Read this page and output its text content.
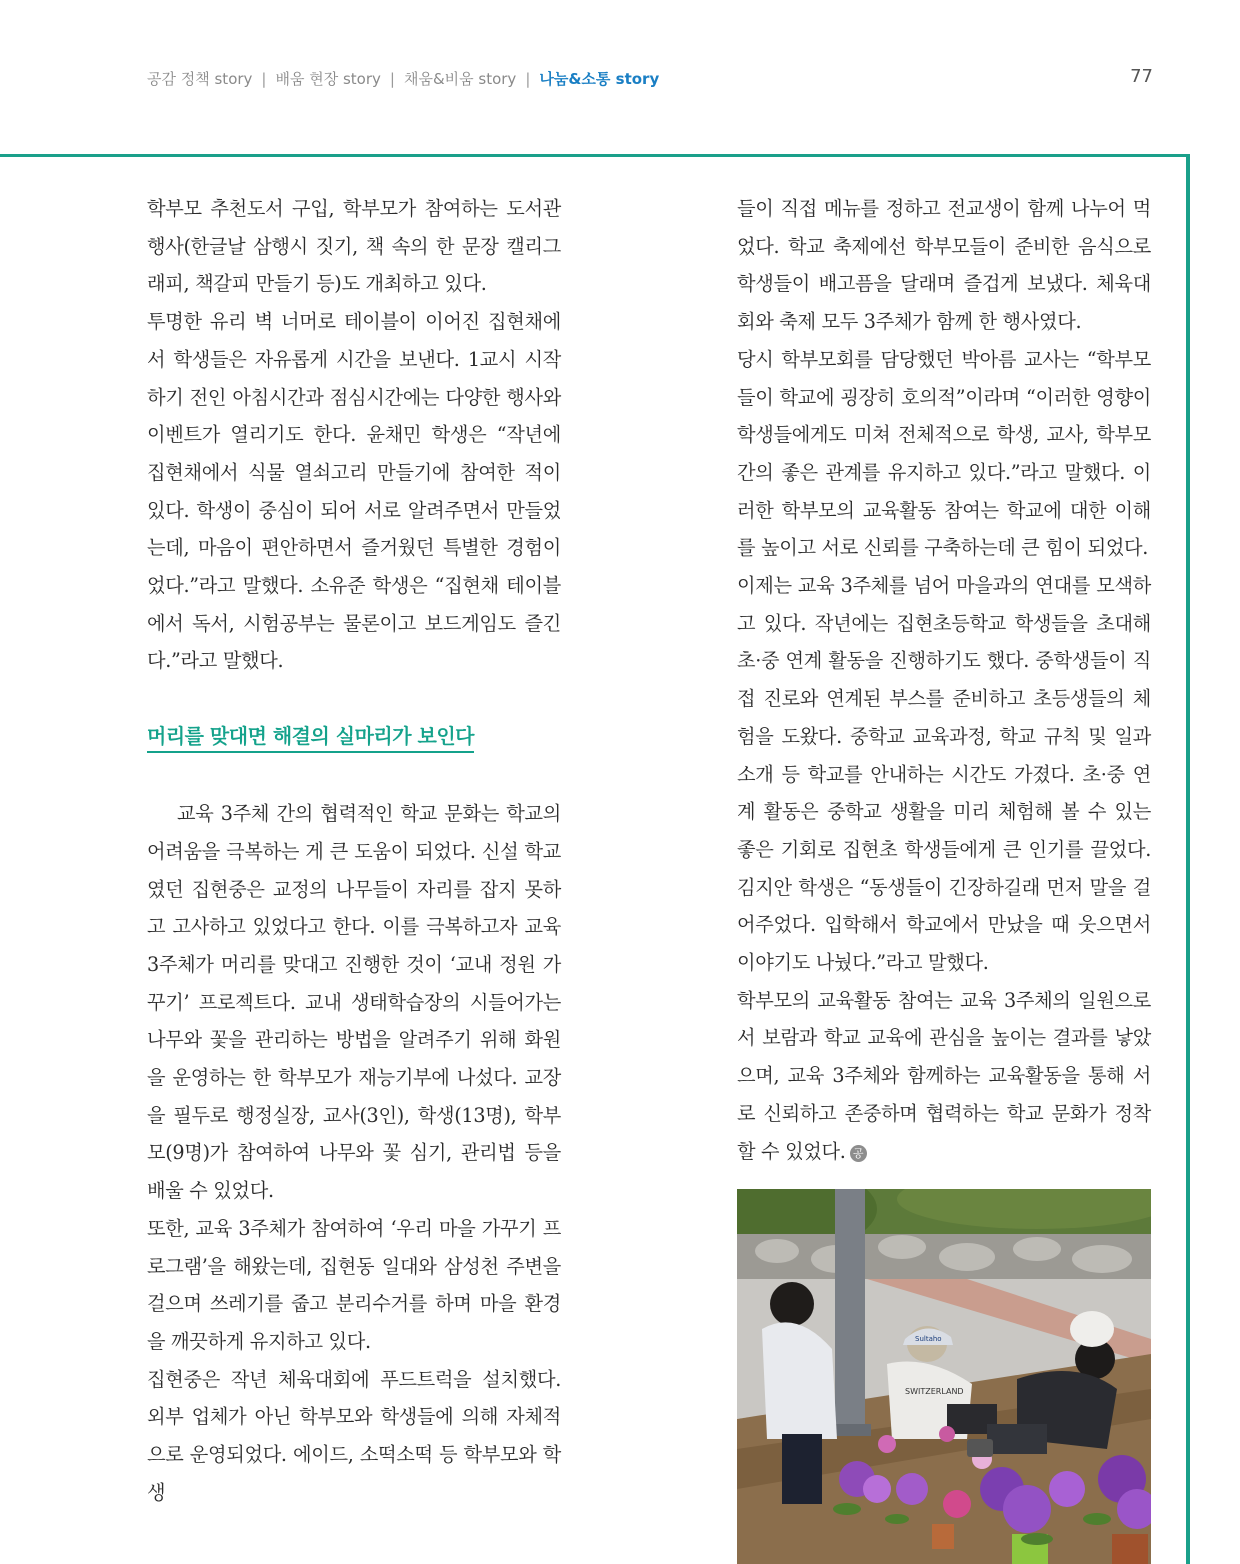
공감 정책 story | 배움 현장 story | 채움&비움 story | 나눔&소통 story	77

학부모 추천도서 구입, 학부모가 참여하는 도서관 행사(한글날 삼행시 짓기, 책 속의 한 문장 캘리그래피, 책갈피 만들기 등)도 개최하고 있다.

투명한 유리 벽 너머로 테이블이 이어진 집현채에서 학생들은 자유롭게 시간을 보낸다. 1교시 시작하기 전인 아침시간과 점심시간에는 다양한 행사와 이벤트가 열리기도 한다. 윤채민 학생은 “작년에 집현채에서 식물 열쇠고리 만들기에 참여한 적이 있다. 학생이 중심이 되어 서로 알려주면서 만들었는데, 마음이 편안하면서 즐거웠던 특별한 경험이었다.”라고 말했다. 소유준 학생은 “집현채 테이블에서 독서, 시험공부는 물론이고 보드게임도 즐긴다.”라고 말했다.

머리를 맞대면 해결의 실마리가 보인다

교육 3주체 간의 협력적인 학교 문화는 학교의 어려움을 극복하는 게 큰 도움이 되었다. 신설 학교였던 집현중은 교정의 나무들이 자리를 잡지 못하고 고사하고 있었다고 한다. 이를 극복하고자 교육 3주체가 머리를 맞대고 진행한 것이 ‘교내 정원 가꾸기’ 프로젝트다. 교내 생태학습장의 시들어가는 나무와 꽃을 관리하는 방법을 알려주기 위해 화원을 운영하는 한 학부모가 재능기부에 나섰다. 교장을 필두로 행정실장, 교사(3인), 학생(13명), 학부모(9명)가 참여하여 나무와 꽃 심기, 관리법 등을 배울 수 있었다.

또한, 교육 3주체가 참여하여 ‘우리 마을 가꾸기 프로그램’을 해왔는데, 집현동 일대와 삼성천 주변을 걸으며 쓰레기를 줍고 분리수거를 하며 마을 환경을 깨끗하게 유지하고 있다.

집현중은 작년 체육대회에 푸드트럭을 설치했다. 외부 업체가 아닌 학부모와 학생들에 의해 자체적으로 운영되었다. 에이드, 소떡소떡 등 학부모와 학생

들이 직접 메뉴를 정하고 전교생이 함께 나누어 먹었다. 학교 축제에선 학부모들이 준비한 음식으로 학생들이 배고픔을 달래며 즐겁게 보냈다. 체육대회와 축제 모두 3주체가 함께 한 행사였다.

당시 학부모회를 담당했던 박아름 교사는 “학부모들이 학교에 굉장히 호의적”이라며 “이러한 영향이 학생들에게도 미쳐 전체적으로 학생, 교사, 학부모 간의 좋은 관계를 유지하고 있다.”라고 말했다. 이러한 학부모의 교육활동 참여는 학교에 대한 이해를 높이고 서로 신뢰를 구축하는데 큰 힘이 되었다.

이제는 교육 3주체를 넘어 마을과의 연대를 모색하고 있다. 작년에는 집현초등학교 학생들을 초대해 초·중 연계 활동을 진행하기도 했다. 중학생들이 직접 진로와 연계된 부스를 준비하고 초등생들의 체험을 도왔다. 중학교 교육과정, 학교 규칙 및 일과 소개 등 학교를 안내하는 시간도 가졌다. 초·중 연계 활동은 중학교 생활을 미리 체험해 볼 수 있는 좋은 기회로 집현초 학생들에게 큰 인기를 끌었다. 김지안 학생은 “동생들이 긴장하길래 먼저 말을 걸어주었다. 입학해서 학교에서 만났을 때 웃으면서 이야기도 나눴다.”라고 말했다.

학부모의 교육활동 참여는 교육 3주체의 일원으로서 보람과 학교 교육에 관심을 높이는 결과를 낳았으며, 교육 3주체와 함께하는 교육활동을 통해 서로 신뢰하고 존중하며 협력하는 학교 문화가 정착할 수 있었다. 공

Sultaho
SWITZERLAND
